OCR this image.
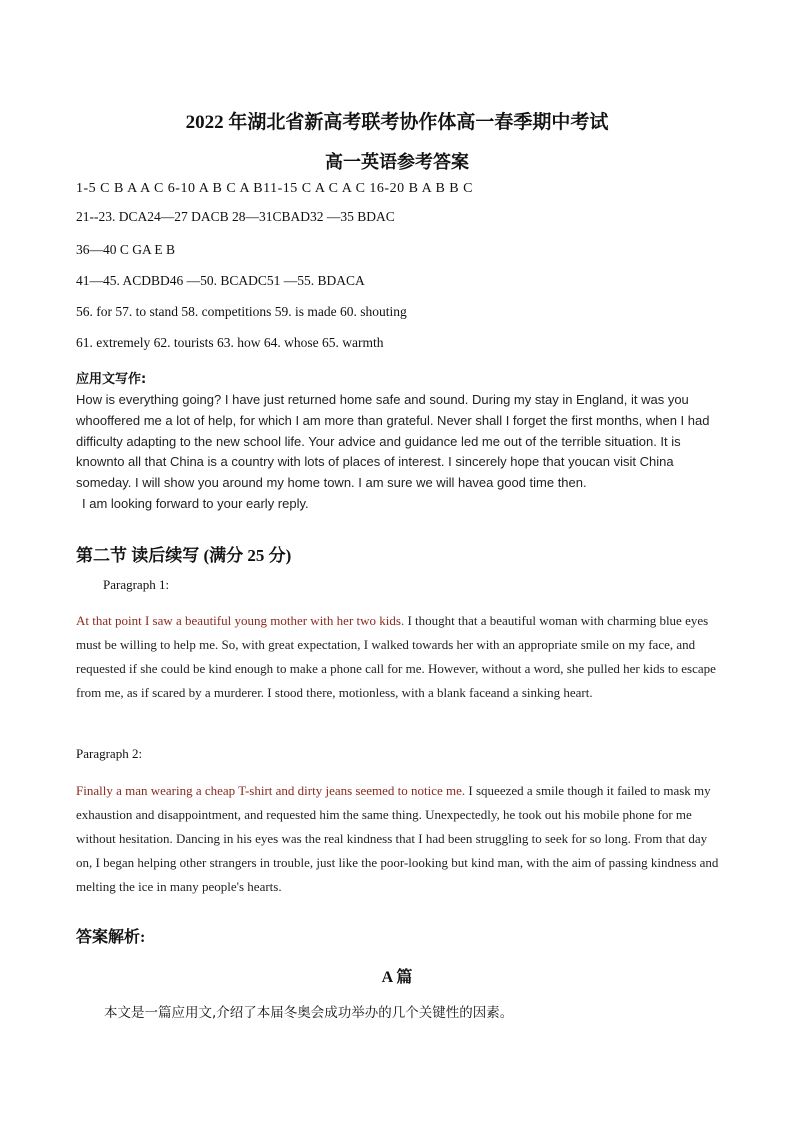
2022 年湖北省新高考联考协作体高一春季期中考试
高一英语参考答案
1-5 C B A A C 6-10 A B C A B11-15 C A C A C 16-20 B A B B C
21--23. DCA24—27 DACB 28—31CBAD32 —35 BDAC
36—40 C GA E B
41—45. ACDBD46 —50. BCADC51 —55. BDACA
56. for 57. to stand 58. competitions 59. is made 60. shouting
61. extremely 62. tourists 63. how 64. whose 65. warmth
应用文写作:

How is everything going? I have just returned home safe and sound. During my stay in England, it was you whooffered me a lot of help, for which I am more than grateful. Never shall I forget the first months, when I had difficulty adapting to the new school life. Your advice and guidance led me out of the terrible situation. It is knownto all that China is a country with lots of places of interest. I sincerely hope that youcan visit China someday. I will show you around my home town. I am sure we will havea good time then.

I am looking forward to your early reply.

第二节 读后续写 (满分 25 分)
Paragraph 1:
At that point I saw a beautiful young mother with her two kids. I thought that a beautiful woman with charming blue eyes must be willing to help me. So, with great expectation, I walked towards her with an appropriate smile on my face, and requested if she could be kind enough to make a phone call for me. However, without a word, she pulled her kids to escape from me, as if scared by a murderer. I stood there, motionless, with a blank faceand a sinking heart.
Paragraph 2:
Finally a man wearing a cheap T-shirt and dirty jeans seemed to notice me. I squeezed a smile though it failed to mask my exhaustion and disappointment, and requested him the same thing. Unexpectedly, he took out his mobile phone for me without hesitation. Dancing in his eyes was the real kindness that I had been struggling to seek for so long. From that day on, I began helping other strangers in trouble, just like the poor-looking but kind man, with the aim of passing kindness and melting the ice in many people's hearts.
答案解析:
A 篇
本文是一篇应用文,介绍了本届冬奥会成功举办的几个关键性的因素。
